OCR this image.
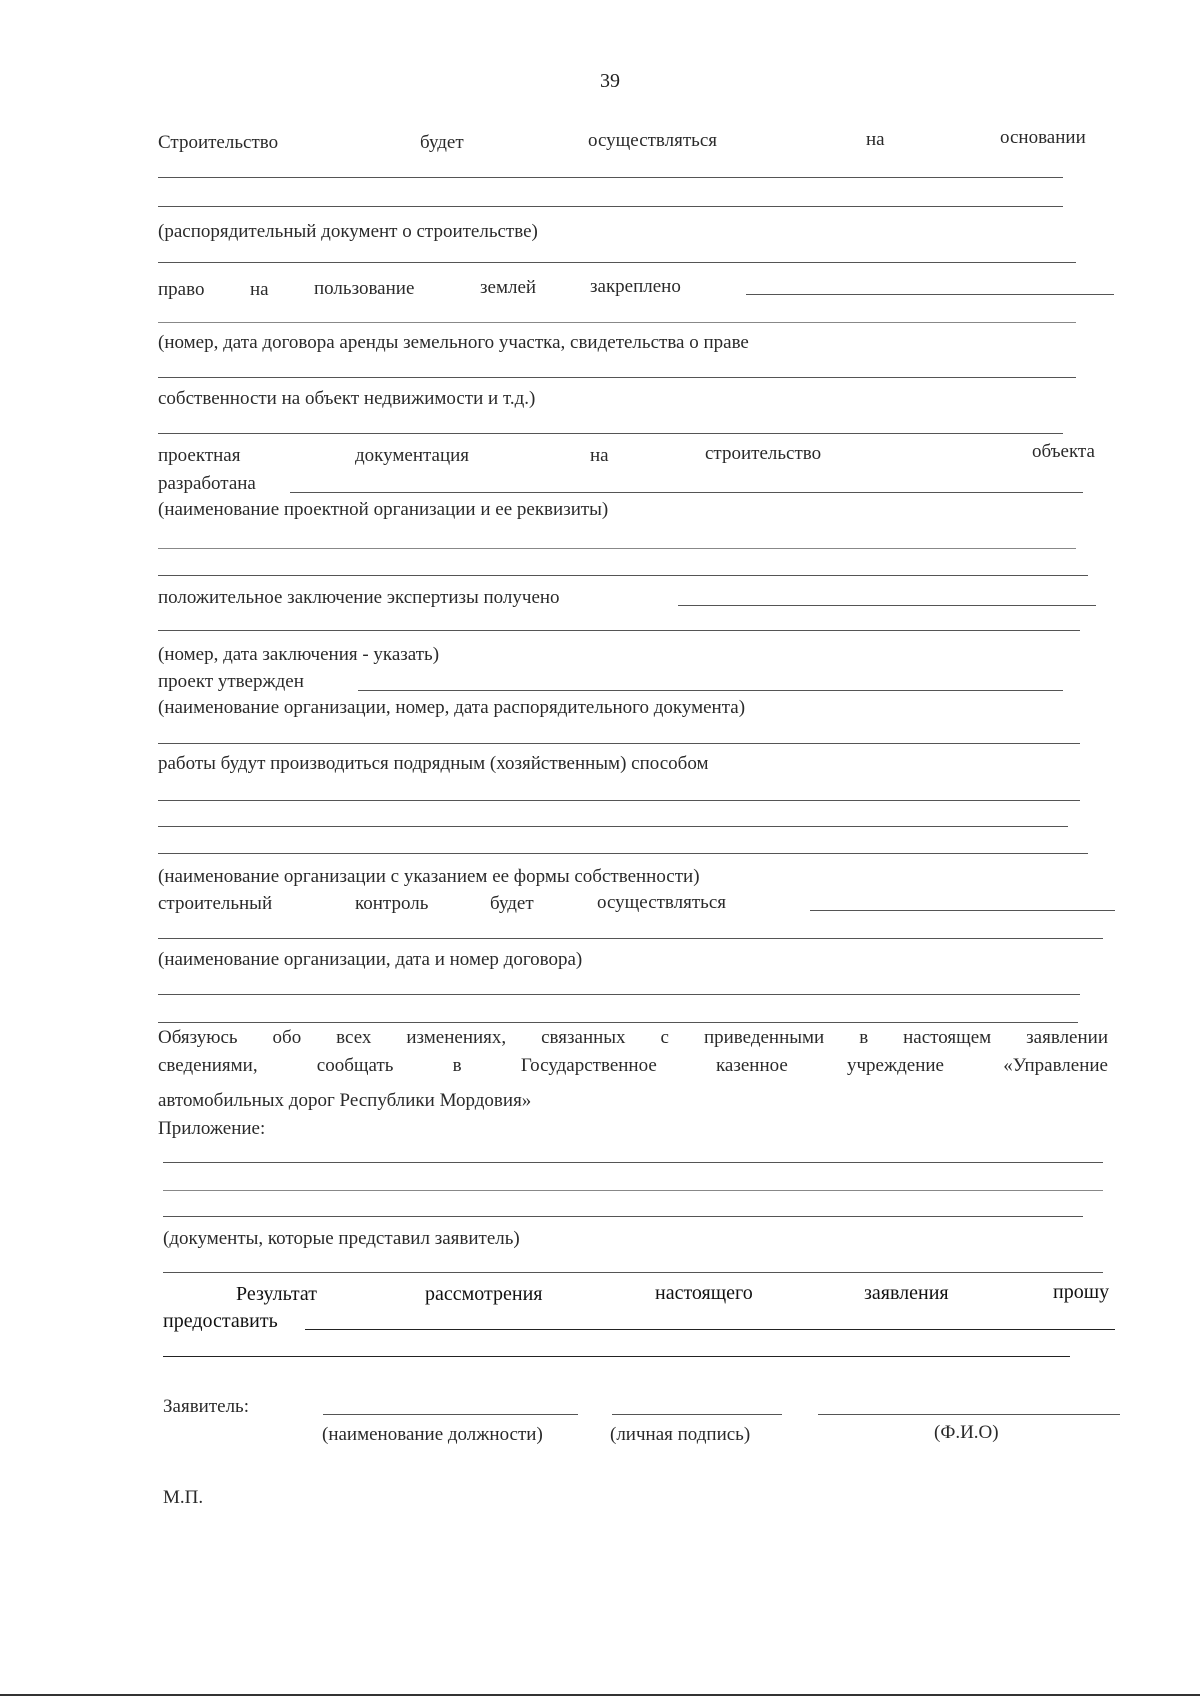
39
Строительство	будет	осуществляться	на	основании
(распорядительный документ о строительстве)
право на пользование	землей	закреплено
(номер, дата договора аренды земельного участка, свидетельства о праве
собственности на объект недвижимости и т.д.)
проектная	документация	на	строительство	объекта
разработана
(наименование проектной организации и ее реквизиты)
положительное заключение экспертизы получено
(номер, дата заключения - указать)
проект утвержден
(наименование организации, номер, дата распорядительного документа)
работы будут производиться подрядным (хозяйственным) способом
(наименование организации с указанием ее формы собственности)
строительный	контроль	будет	осуществляться
(наименование организации, дата и номер договора)
Обязуюсь обо всех изменениях, связанных с приведенными в настоящем заявлении
сведениями, сообщать в Государственное казенное учреждение «Управление
автомобильных дорог Республики Мордовия»
Приложение:
(документы, которые представил заявитель)
Результат	рассмотрения	настоящего	заявления	прошу
предоставить
Заявитель:
(наименование должности)	(личная подпись)	(Ф.И.О)
М.П.
